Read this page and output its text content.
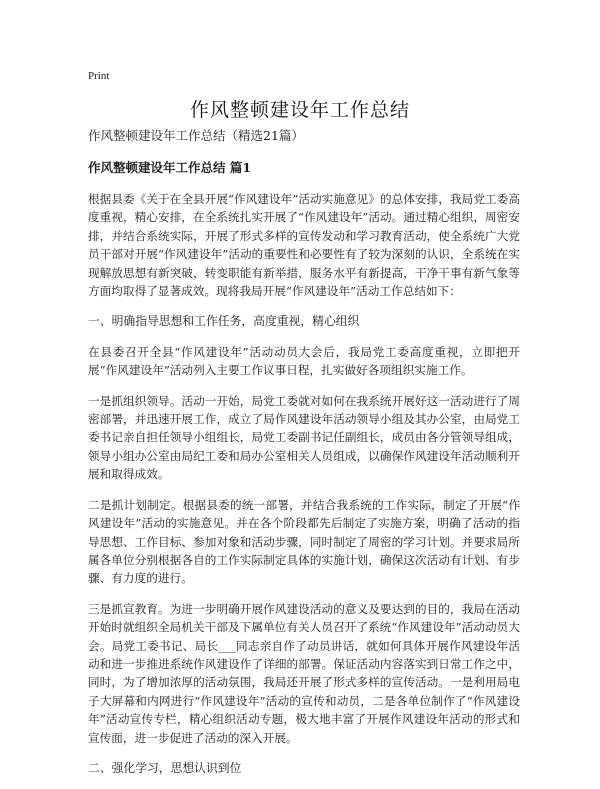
Print
作风整顿建设年工作总结

作风整顿建设年工作总结（精选21篇）

作风整顿建设年工作总结 篇1

根据县委《关于在全县开展“作风建设年”活动实施意见》的总体安排，我局党工委高度重视，精心安排，在全系统扎实开展了“作风建设年”活动。通过精心组织，周密安排，并结合系统实际，开展了形式多样的宣传发动和学习教育活动，使全系统广大党员干部对开展“作风建设年”活动的重要性和必要性有了较为深刻的认识，全系统在实现解放思想有新突破，转变职能有新举措，服务水平有新提高，干净干事有新气象等方面均取得了显著成效。现将我局开展“作风建设年”活动工作总结如下：

一、明确指导思想和工作任务，高度重视，精心组织

在县委召开全县“作风建设年”活动动员大会后，我局党工委高度重视，立即把开展“作风建设年”活动列入主要工作议事日程，扎实做好各项组织实施工作。

一是抓组织领导。活动一开始，局党工委就对如何在我系统开展好这一活动进行了周密部署，并迅速开展工作，成立了局作风建设年活动领导小组及其办公室，由局党工委书记亲自担任领导小组组长，局党工委副书记任副组长，成员由各分管领导组成，领导小组办公室由局纪工委和局办公室相关人员组成，以确保作风建设年活动顺利开展和取得成效。

二是抓计划制定。根据县委的统一部署，并结合我系统的工作实际，制定了开展“作风建设年”活动的实施意见。并在各个阶段都先后制定了实施方案，明确了活动的指导思想、工作目标、参加对象和活动步骤，同时制定了周密的学习计划。并要求局所属各单位分别根据各自的工作实际制定具体的实施计划，确保这次活动有计划、有步骤、有力度的进行。

三是抓宣教育。为进一步明确开展作风建设活动的意义及要达到的目的，我局在活动开始时就组织全局机关干部及下属单位有关人员召开了系统“作风建设年”活动动员大会。局党工委书记、局长___同志亲自作了动员讲话，就如何具体开展作风建设年活动和进一步推进系统作风建设作了详细的部署。保证活动内容落实到日常工作之中，同时，为了增加浓厚的活动氛围，我局还开展了形式多样的宣传活动。一是利用局电子大屏幕和内网进行“作风建设年”活动的宣传和动员，二是各单位制作了“作风建设年”活动宣传专栏，精心组织活动专题，极大地丰富了开展作风建设年活动的形式和宣传面，进一步促进了活动的深入开展。

二、强化学习，思想认识到位
